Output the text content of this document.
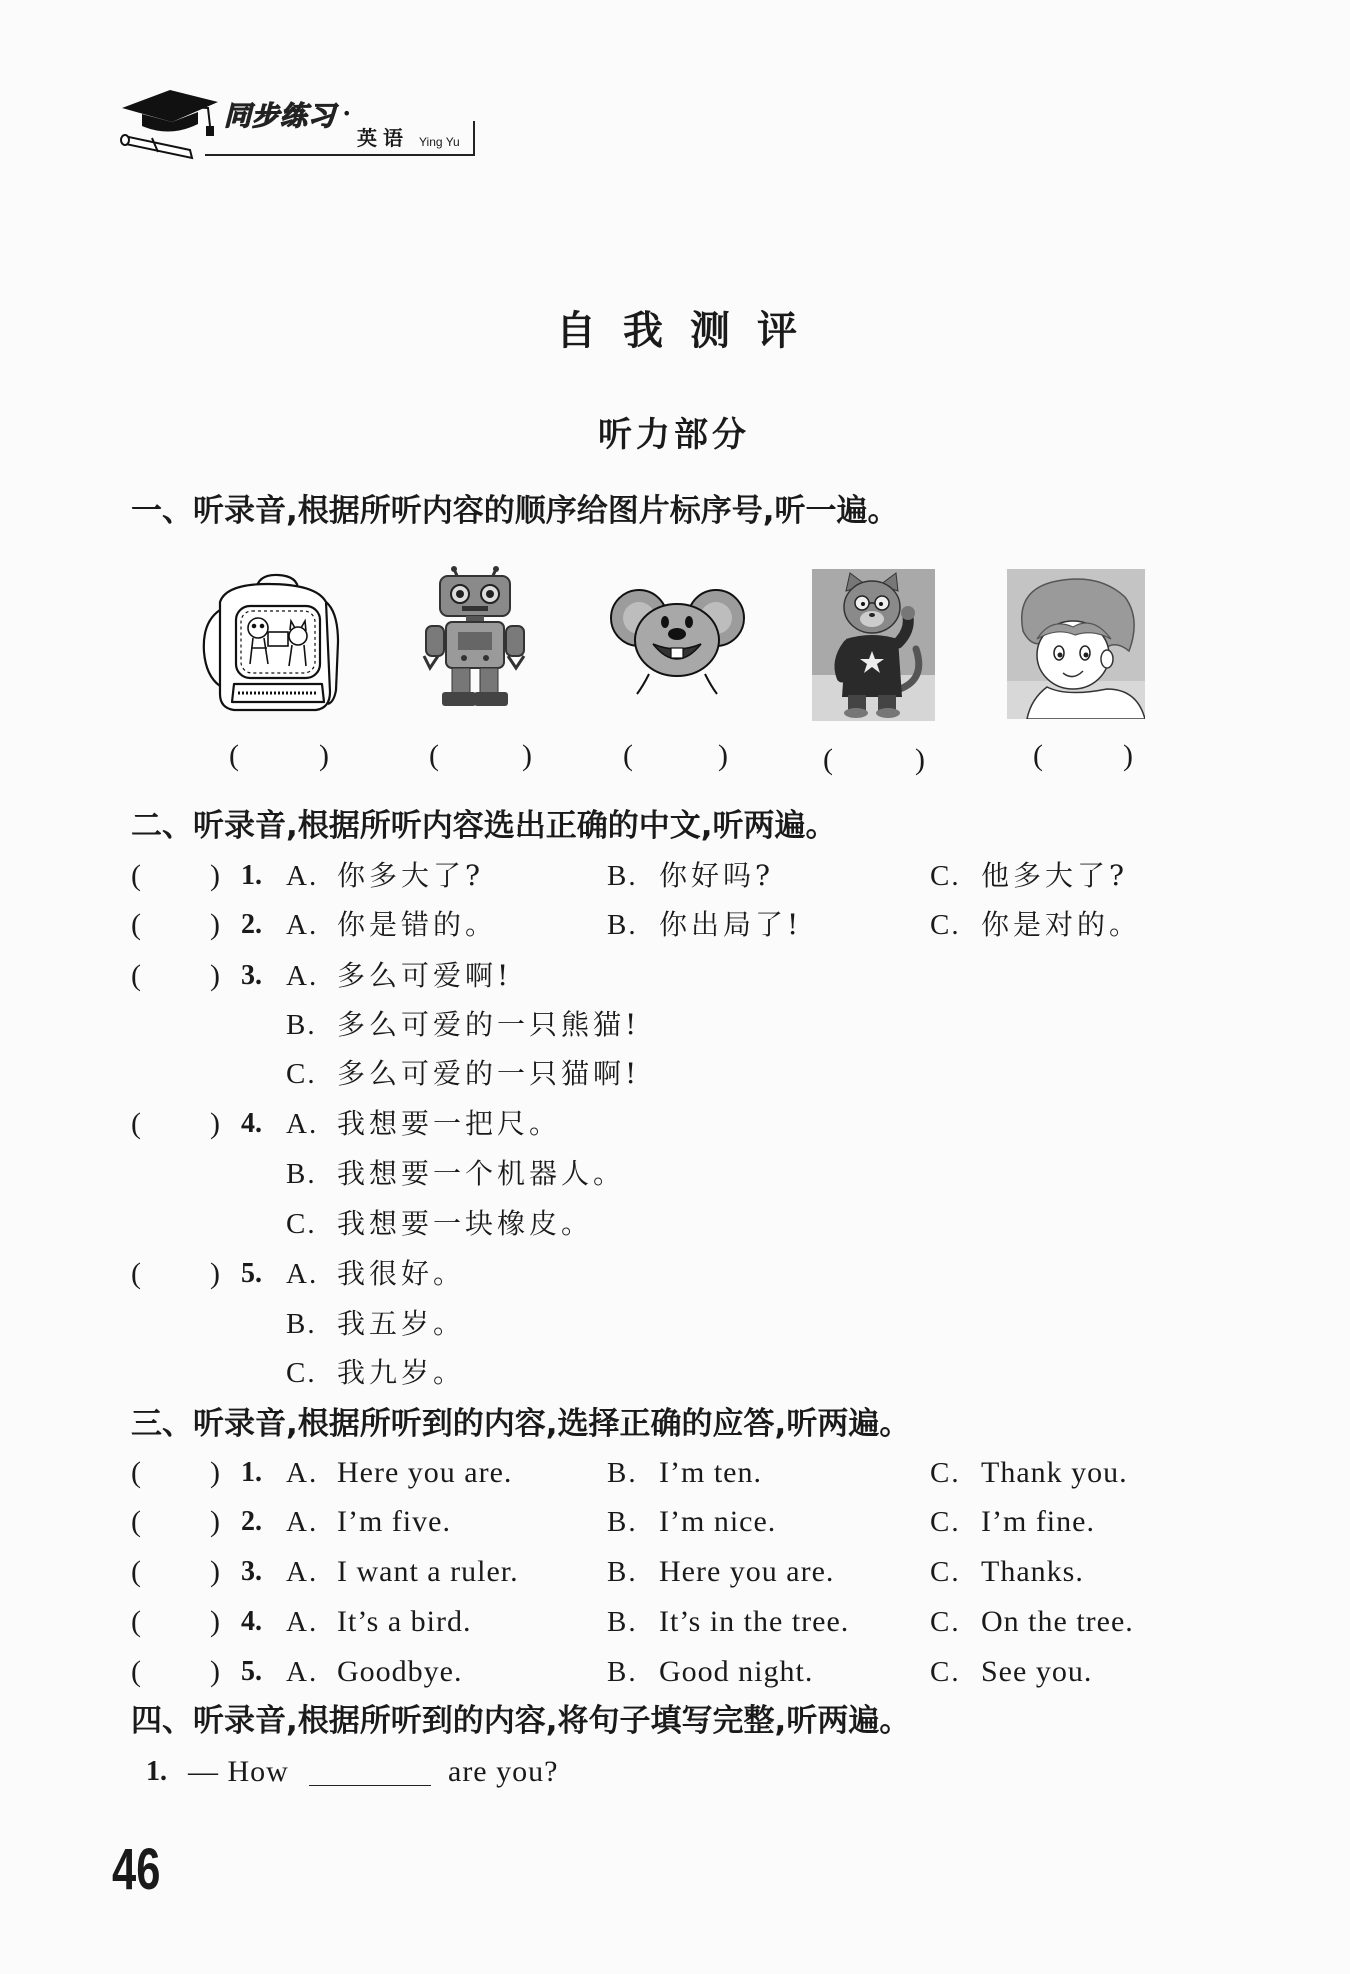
同步练习 •
英语 Ying Yu
自我测评
听力部分
一、听录音,根据所听内容的顺序给图片标序号,听一遍。
(	)	(	)	(	)	(	)	(	)
二、听录音,根据所听内容选出正确的中文,听两遍。
( ) 1. A. 你多大了?	B. 你好吗?	C. 他多大了?
( ) 2. A. 你是错的。	B. 你出局了!	C. 你是对的。
( ) 3. A. 多么可爱啊!
B. 多么可爱的一只熊猫!
C. 多么可爱的一只猫啊!
( ) 4. A. 我想要一把尺。
B. 我想要一个机器人。
C. 我想要一块橡皮。
( ) 5. A. 我很好。
B. 我五岁。
C. 我九岁。
三、听录音,根据所听到的内容,选择正确的应答,听两遍。
( ) 1. A. Here you are.	B. I’m ten.	C. Thank you.
( ) 2. A. I’m five.	B. I’m nice.	C. I’m fine.
( ) 3. A. I want a ruler.	B. Here you are.	C. Thanks.
( ) 4. A. It’s a bird.	B. It’s in the tree.	C. On the tree.
( ) 5. A. Goodbye.	B. Good night.	C. See you.
四、听录音,根据所听到的内容,将句子填写完整,听两遍。
1. — How	are you?
46
